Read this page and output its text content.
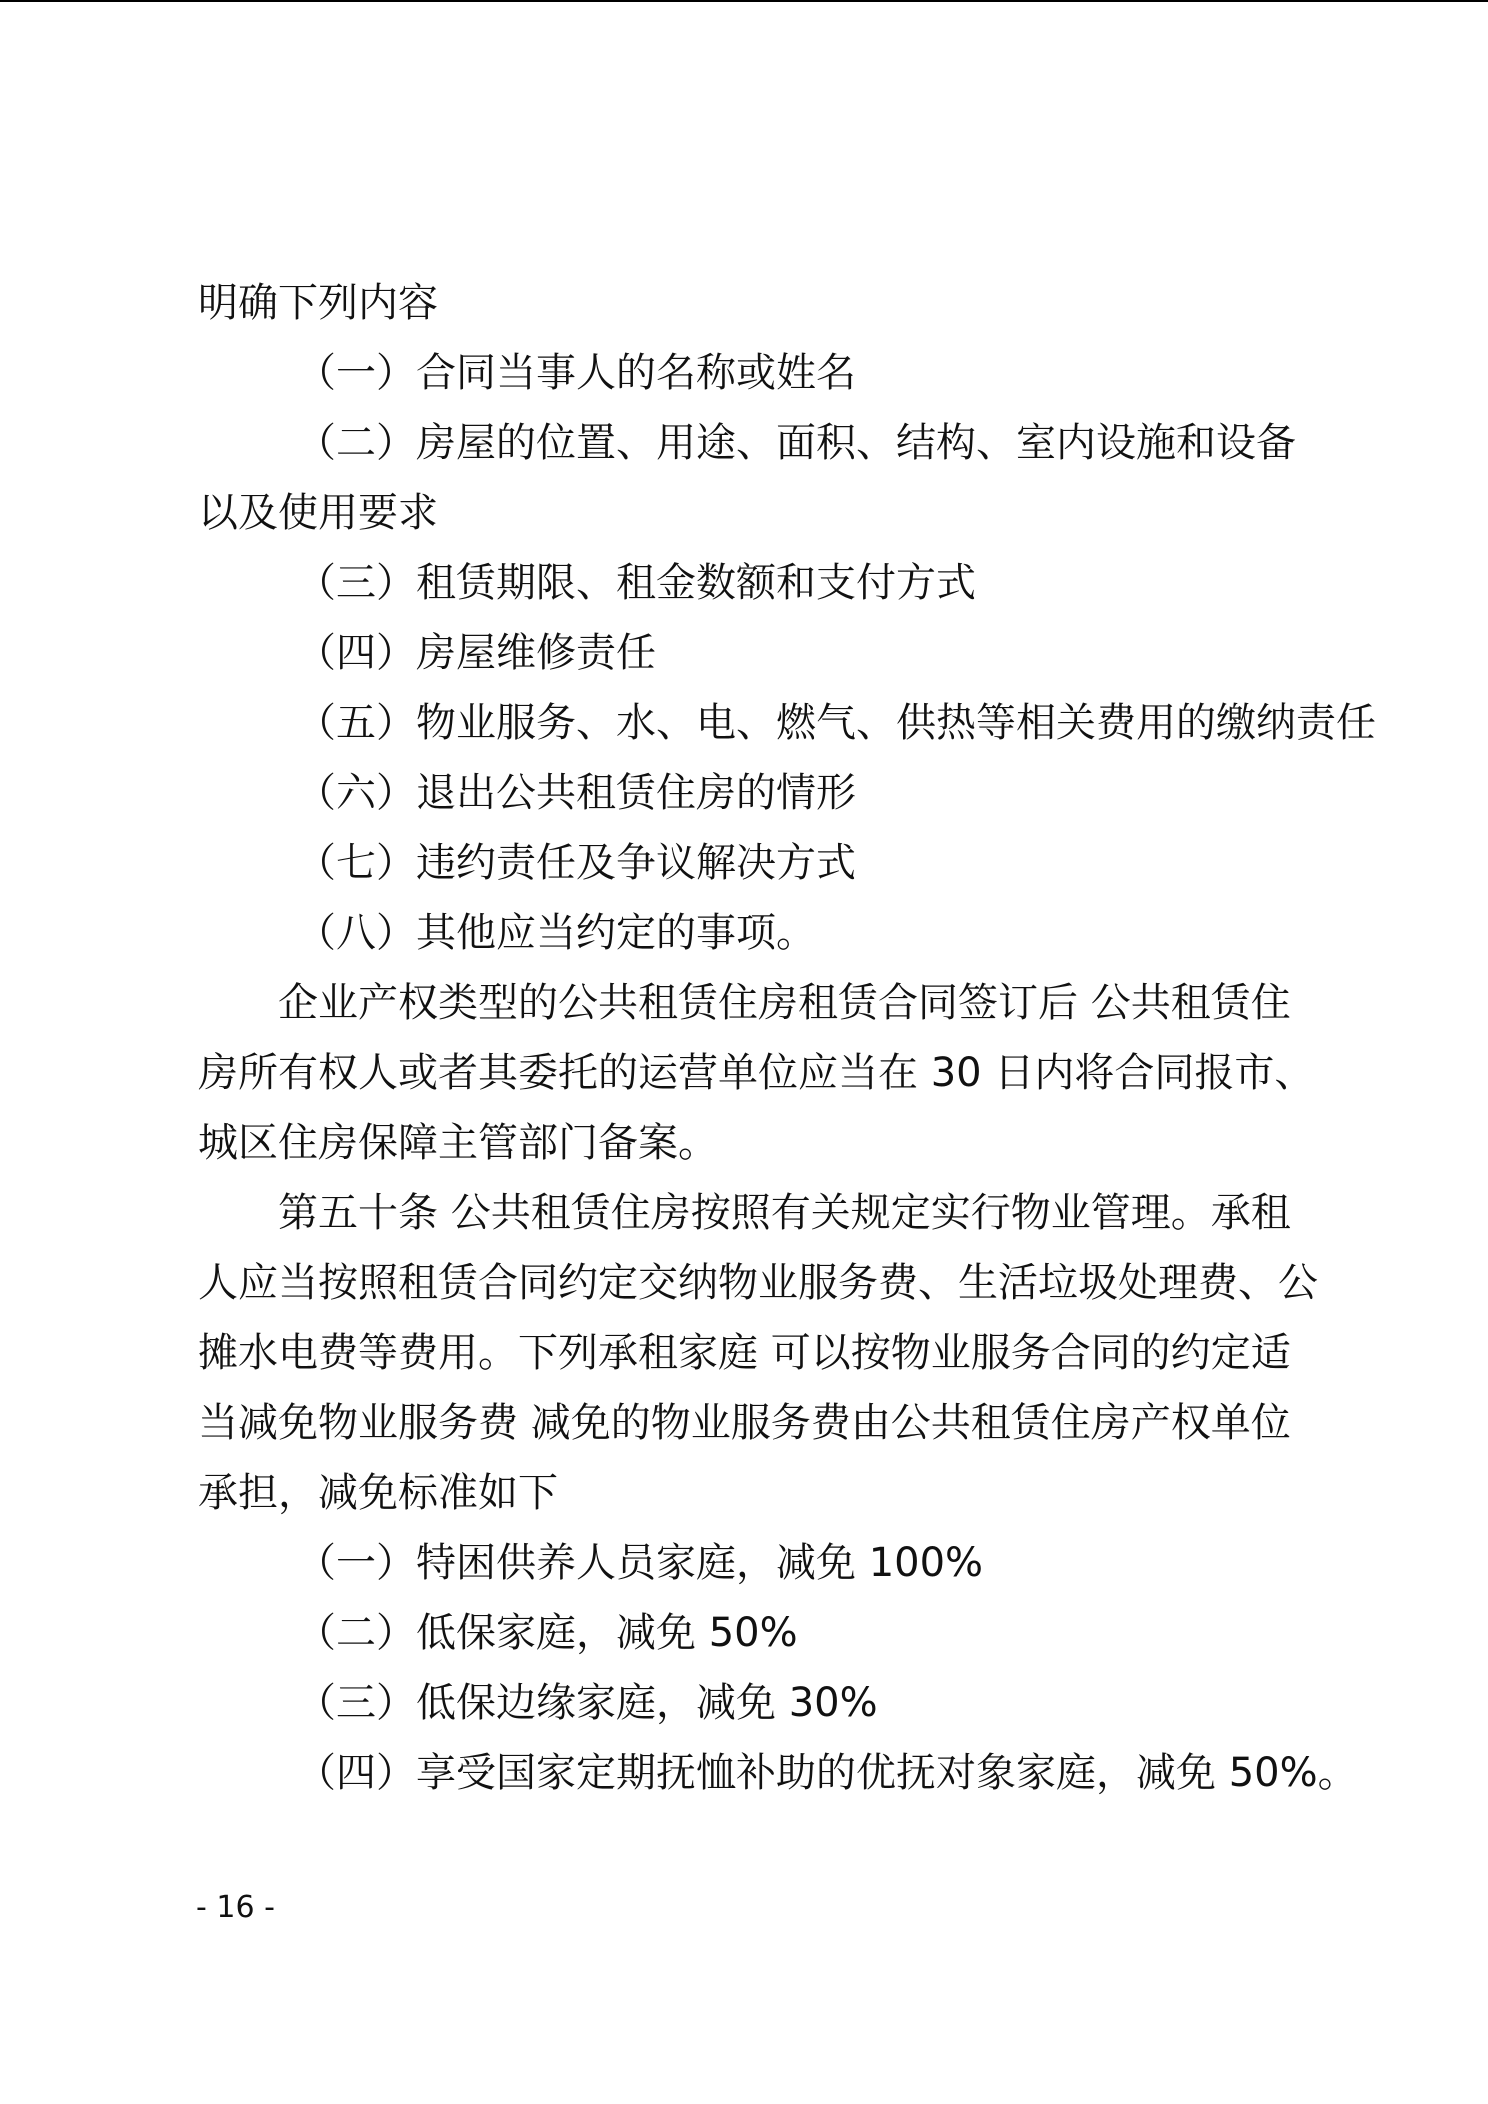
明确下列内容
（一）合同当事人的名称或姓名
（二）房屋的位置、用途、面积、结构、室内设施和设备
以及使用要求
（三）租赁期限、租金数额和支付方式
（四）房屋维修责任
（五）物业服务、水、电、燃气、供热等相关费用的缴纳责任
（六）退出公共租赁住房的情形
（七）违约责任及争议解决方式
（八）其他应当约定的事项。
企业产权类型的公共租赁住房租赁合同签订后 公共租赁住
房所有权人或者其委托的运营单位应当在 30 日内将合同报市、
城区住房保障主管部门备案。
第五十条 公共租赁住房按照有关规定实行物业管理。承租
人应当按照租赁合同约定交纳物业服务费、生活垃圾处理费、公
摊水电费等费用。下列承租家庭 可以按物业服务合同的约定适
当减免物业服务费 减免的物业服务费由公共租赁住房产权单位
承担，减免标准如下
（一）特困供养人员家庭，减免 100%
（二）低保家庭，减免 50%
（三）低保边缘家庭，减免 30%
（四）享受国家定期抚恤补助的优抚对象家庭，减免 50%。
- 16 -
